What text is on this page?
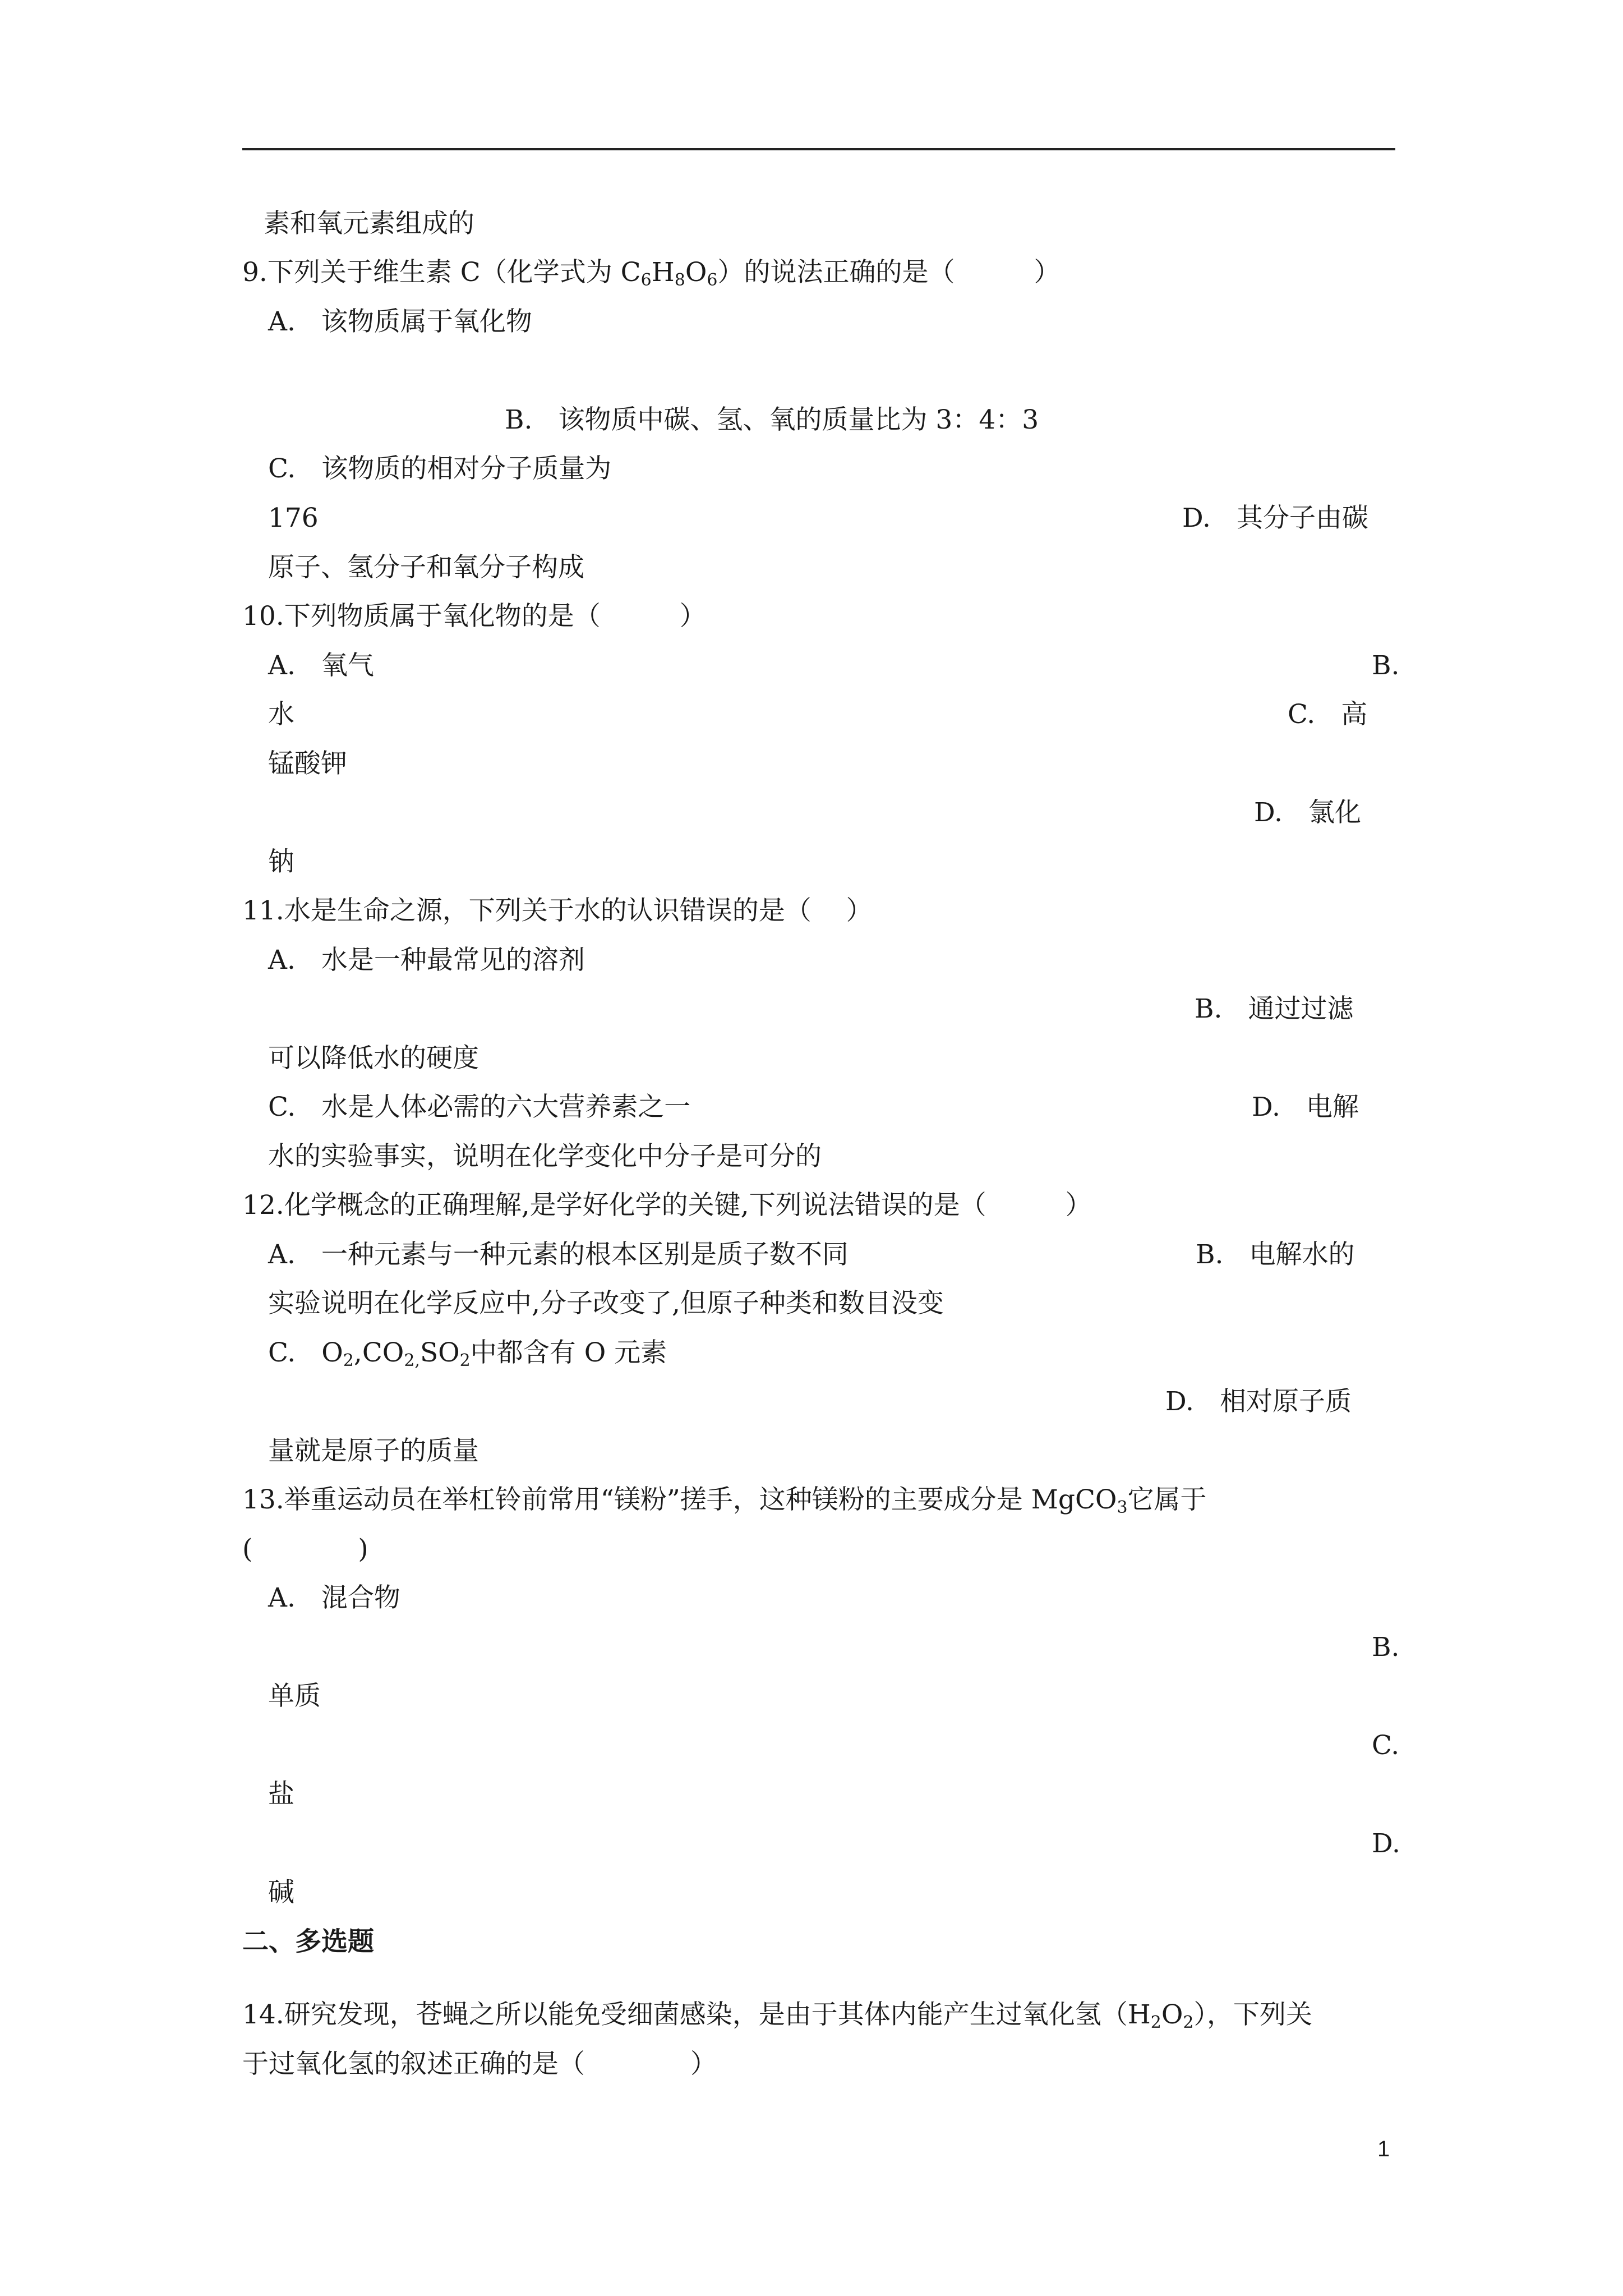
素和氧元素组成的
9.下列关于维生素 C（化学式为 $C_6H_8O_6$）的说法正确的是（　　　）
A. 该物质属于氧化物
B. 该物质中碳、氢、氧的质量比为 3：4：3
C. 该物质的相对分子质量为
176	D. 其分子由碳
原子、氢分子和氧分子构成
10.下列物质属于氧化物的是（　　　）
A. 氧气	B.
水	C. 高
锰酸钾
D. 氯化
钠
11.水是生命之源，下列关于水的认识错误的是（　 ）
A. 水是一种最常见的溶剂
B. 通过过滤
可以降低水的硬度
C. 水是人体必需的六大营养素之一	D. 电解
水的实验事实，说明在化学变化中分子是可分的
12.化学概念的正确理解,是学好化学的关键,下列说法错误的是（　　　）
A. 一种元素与一种元素的根本区别是质子数不同	B. 电解水的
实验说明在化学反应中,分子改变了,但原子种类和数目没变
C. $O_2,CO_{2,}SO_2$中都含有 O 元素
D. 相对原子质
量就是原子的质量
13.举重运动员在举杠铃前常用“镁粉”搓手，这种镁粉的主要成分是 MgCO$_3$它属于
(　　　　)
A. 混合物
B.
单质
C.
盐
D.
碱
二、多选题
14.研究发现，苍蝇之所以能免受细菌感染，是由于其体内能产生过氧化氢$(H_2O_2)$，下列关
于过氧化氢的叙述正确的是（　　　　）
1
